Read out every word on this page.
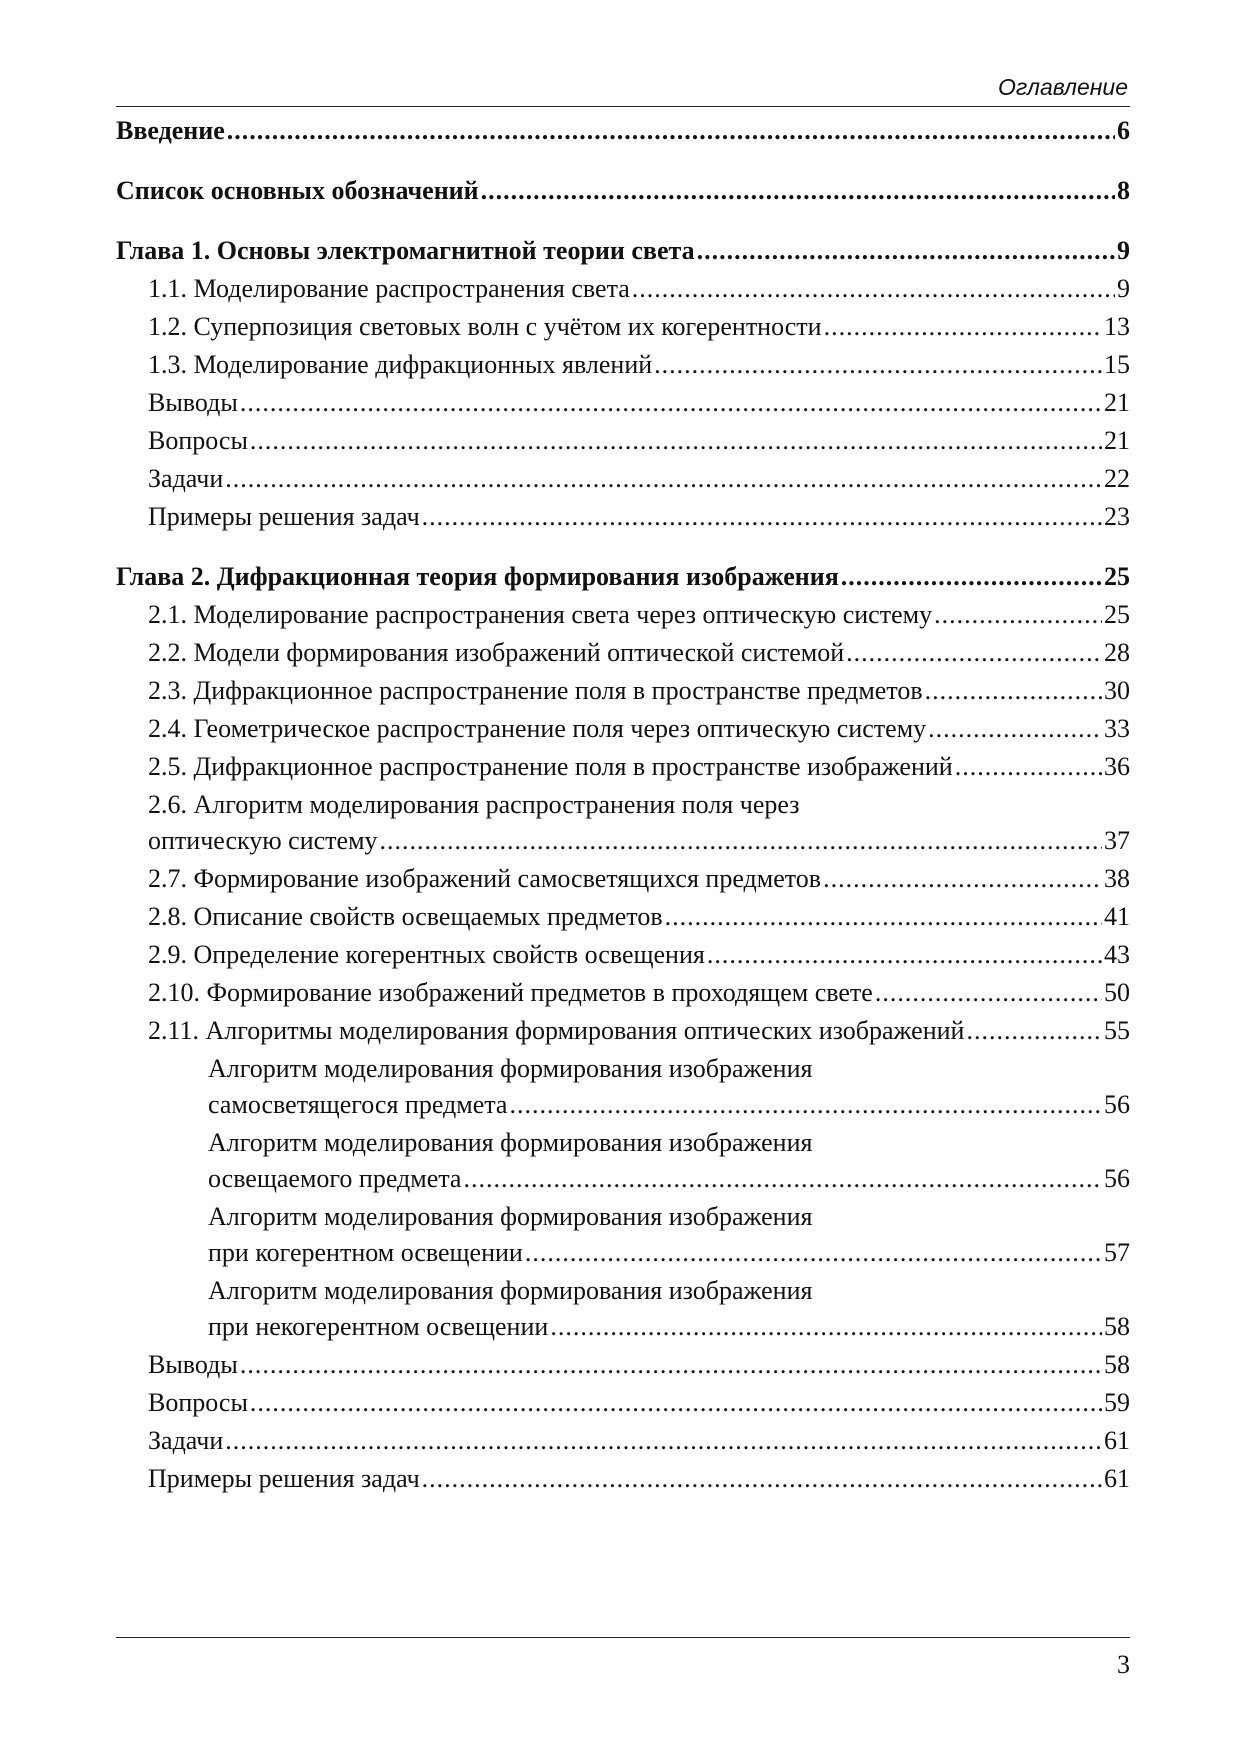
Оглавление
Введение .....	6
Список основных обозначений .....	8
Глава 1. Основы электромагнитной теории света .....	9
1.1. Моделирование распространения света .....	9
1.2. Суперпозиция световых волн с учётом их когерентности .....	13
1.3. Моделирование дифракционных явлений .....	15
Выводы .....	21
Вопросы .....	21
Задачи .....	22
Примеры решения задач .....	23
Глава 2. Дифракционная теория формирования изображения .....	25
2.1. Моделирование распространения света через оптическую систему .....	25
2.2. Модели формирования изображений оптической системой .....	28
2.3. Дифракционное распространение поля в пространстве предметов .....	30
2.4. Геометрическое распространение поля через оптическую систему .....	33
2.5. Дифракционное распространение поля в пространстве изображений .....	36
2.6. Алгоритм моделирования распространения поля через
оптическую систему .....	37
2.7. Формирование изображений самосветящихся предметов .....	38
2.8. Описание свойств освещаемых предметов .....	41
2.9. Определение когерентных свойств освещения .....	43
2.10. Формирование изображений предметов в проходящем свете .....	50
2.11. Алгоритмы моделирования формирования оптических изображений .....	55
Алгоритм моделирования формирования изображения
самосветящегося предмета .....	56
Алгоритм моделирования формирования изображения
освещаемого предмета .....	56
Алгоритм моделирования формирования изображения
при когерентном освещении .....	57
Алгоритм моделирования формирования изображения
при некогерентном освещении .....	58
Выводы .....	58
Вопросы .....	59
Задачи .....	61
Примеры решения задач .....	61
3
